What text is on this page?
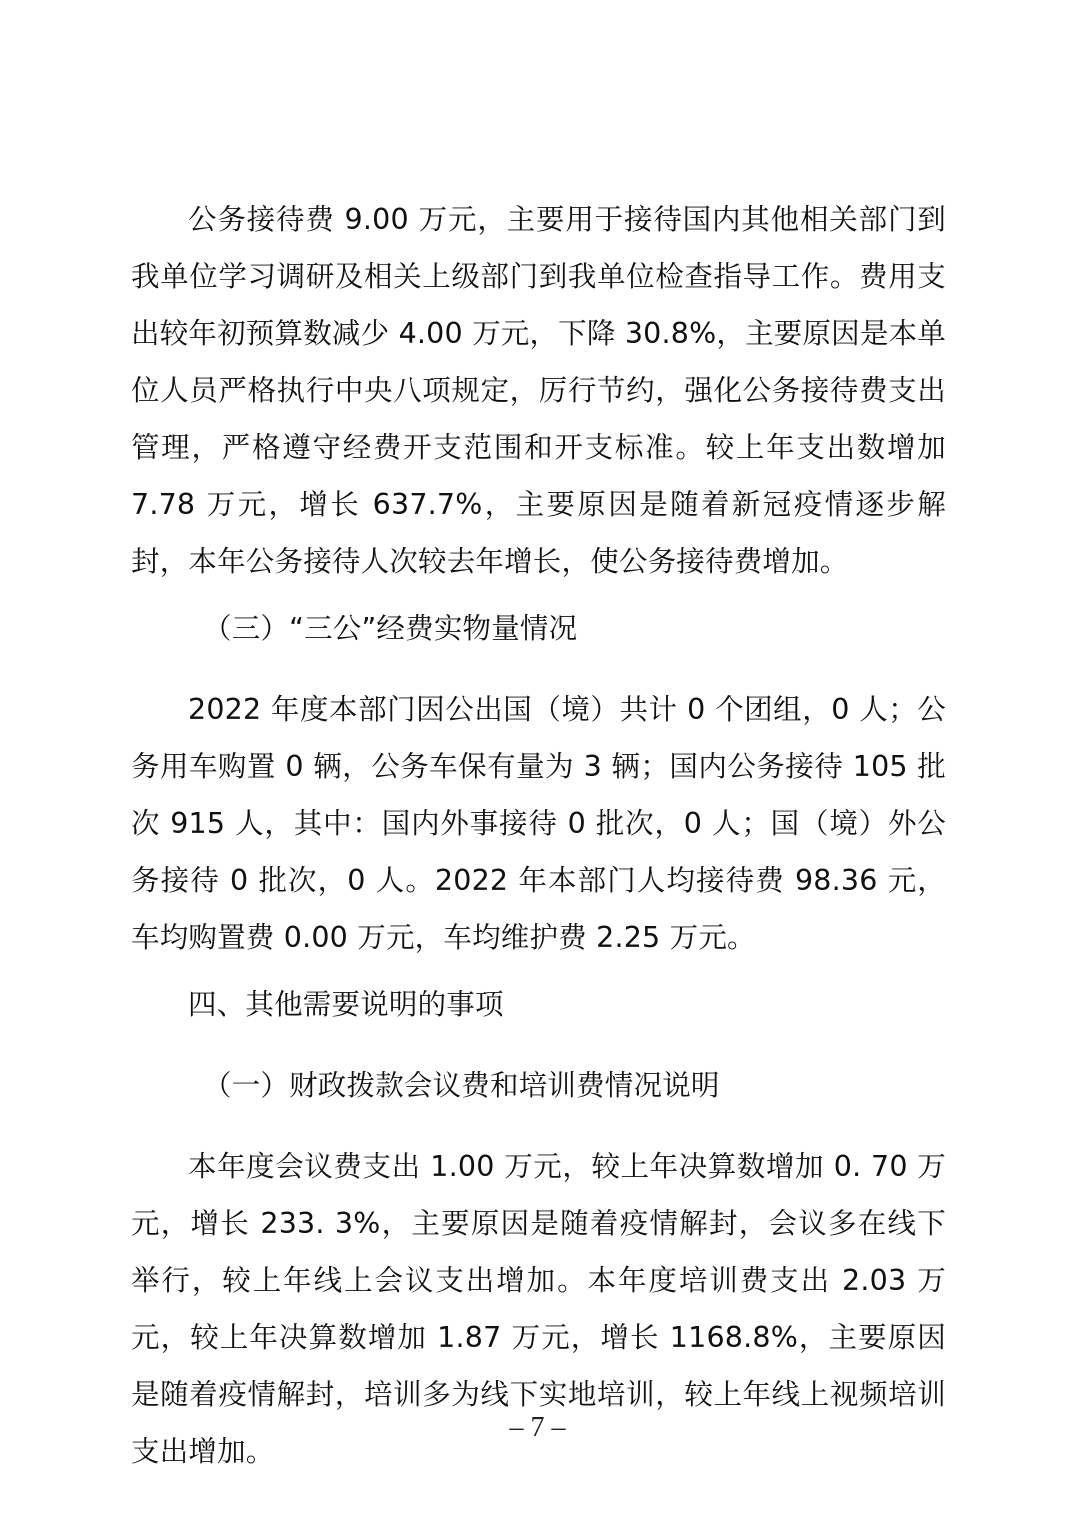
公务接待费 9.00 万元，主要用于接待国内其他相关部门到我单位学习调研及相关上级部门到我单位检查指导工作。费用支出较年初预算数减少 4.00 万元，下降 30.8%，主要原因是本单位人员严格执行中央八项规定，厉行节约，强化公务接待费支出管理，严格遵守经费开支范围和开支标准。较上年支出数增加 7.78 万元，增长 637.7%，主要原因是随着新冠疫情逐步解封，本年公务接待人次较去年增长，使公务接待费增加。

（三）“三公”经费实物量情况

2022 年度本部门因公出国（境）共计 0 个团组，0 人；公务用车购置 0 辆，公务车保有量为 3 辆；国内公务接待 105 批次 915 人，其中：国内外事接待 0 批次，0 人；国（境）外公务接待 0 批次，0 人。2022 年本部门人均接待费 98.36 元，车均购置费 0.00 万元，车均维护费 2.25 万元。

四、其他需要说明的事项

（一）财政拨款会议费和培训费情况说明

本年度会议费支出 1.00 万元，较上年决算数增加 0. 70 万元，增长 233. 3%，主要原因是随着疫情解封，会议多在线下举行，较上年线上会议支出增加。本年度培训费支出 2.03 万元，较上年决算数增加 1.87 万元，增长 1168.8%，主要原因是随着疫情解封，培训多为线下实地培训，较上年线上视频培训支出增加。

– 7 –
